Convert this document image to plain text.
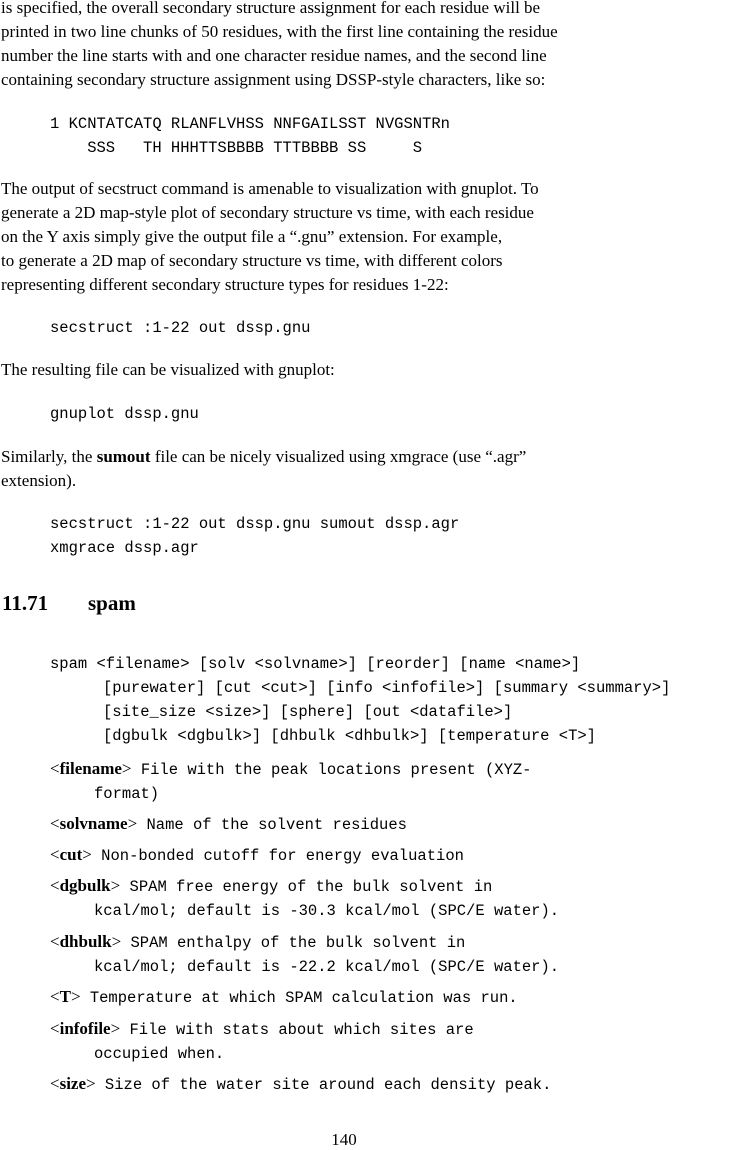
is specified, the overall secondary structure assignment for each residue will be
printed in two line chunks of 50 residues, with the first line containing the residue
number the line starts with and one character residue names, and the second line
containing secondary structure assignment using DSSP-style characters, like so:

1 KCNTATCATQ RLANFLVHSS NNFGAILSST NVGSNTRn
SSS   TH HHHTTSBBBB TTTBBBB SS     S

The output of secstruct command is amenable to visualization with gnuplot. To
generate a 2D map-style plot of secondary structure vs time, with each residue
on the Y axis simply give the output file a “.gnu” extension. For example,
to generate a 2D map of secondary structure vs time, with different colors
representing different secondary structure types for residues 1-22:

secstruct :1-22 out dssp.gnu

The resulting file can be visualized with gnuplot:

gnuplot dssp.gnu

Similarly, the sumout file can be nicely visualized using xmgrace (use “.agr”
extension).

secstruct :1-22 out dssp.gnu sumout dssp.agr
xmgrace dssp.agr
11.71 spam
spam <filename> [solv <solvname>] [reorder] [name <name>]
[purewater] [cut <cut>] [info <infofile>] [summary <summary>]
[site_size <size>] [sphere] [out <datafile>]
[dgbulk <dgbulk>] [dhbulk <dhbulk>] [temperature <T>]
<filename> File with the peak locations present (XYZ-
format)
<solvname> Name of the solvent residues
<cut> Non-bonded cutoff for energy evaluation
<dgbulk> SPAM free energy of the bulk solvent in
kcal/mol; default is -30.3 kcal/mol (SPC/E water).
<dhbulk> SPAM enthalpy of the bulk solvent in
kcal/mol; default is -22.2 kcal/mol (SPC/E water).
<T> Temperature at which SPAM calculation was run.
<infofile> File with stats about which sites are
occupied when.
<size> Size of the water site around each density peak.
140
